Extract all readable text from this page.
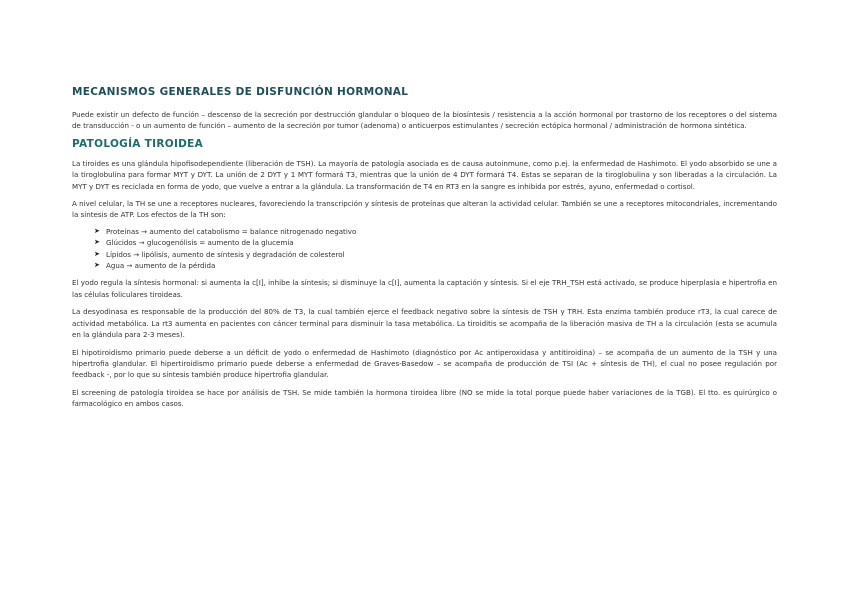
MECANISMOS GENERALES DE DISFUNCIÓN HORMONAL

Puede existir un defecto de función – descenso de la secreción por destrucción glandular o bloqueo de la biosíntesis / resistencia a la acción hormonal por trastorno de los receptores o del sistema de transducción - o un aumento de función – aumento de la secreción por tumor (adenoma) o anticuerpos estimulantes / secreción ectópica hormonal / administración de hormona sintética.

PATOLOGÍA TIROIDEA

La tiroides es una glándula hipofisodependiente (liberación de TSH). La mayoría de patología asociada es de causa autoinmune, como p.ej. la enfermedad de Hashimoto. El yodo absorbido se une a la tiroglobulina para formar MYT y DYT. La unión de 2 DYT y 1 MYT formará T3, mientras que la unión de 4 DYT formará T4. Estas se separan de la tiroglobulina y son liberadas a la circulación. La MYT y DYT es reciclada en forma de yodo, que vuelve a entrar a la glándula. La transformación de T4 en RT3 en la sangre es inhibida por estrés, ayuno, enfermedad o cortisol.

A nivel celular, la TH se une a receptores nucleares, favoreciendo la transcripción y síntesis de proteínas que alteran la actividad celular. También se une a receptores mitocondriales, incrementando la síntesis de ATP. Los efectos de la TH son:

➤ Proteínas → aumento del catabolismo = balance nitrogenado negativo
➤ Glúcidos → glucogenólisis = aumento de la glucemia
➤ Lípidos → lipólisis, aumento de síntesis y degradación de colesterol
➤ Agua → aumento de la pérdida

El yodo regula la síntesis hormonal: si aumenta la c[I], inhibe la síntesis; si disminuye la c[I], aumenta la captación y síntesis. Si el eje TRH_TSH está activado, se produce hiperplasia e hipertrofia en las células foliculares tiroideas.

La desyodinasa es responsable de la producción del 80% de T3, la cual también ejerce el feedback negativo sobre la síntesis de TSH y TRH. Esta enzima también produce rT3, la cual carece de actividad metabólica. La rt3 aumenta en pacientes con cáncer terminal para disminuir la tasa metabólica. La tiroiditis se acompaña de la liberación masiva de TH a la circulación (esta se acumula en la glándula para 2-3 meses).

El hipotiroidismo primario puede deberse a un déficit de yodo o enfermedad de Hashimoto (diagnóstico por Ac antiperoxidasa y antitiroidina) – se acompaña de un aumento de la TSH y una hipertrofia glandular. El hipertiroidismo primario puede deberse a enfermedad de Graves-Basedow – se acompaña de producción de TSI (Ac + síntesis de TH), el cual no posee regulación por feedback -, por lo que su síntesis también produce hipertrofia glandular.

El screening de patología tiroidea se hace por análisis de TSH. Se mide también la hormona tiroidea libre (NO se mide la total porque puede haber variaciones de la TGB). El tto. es quirúrgico o farmacológico en ambos casos.
